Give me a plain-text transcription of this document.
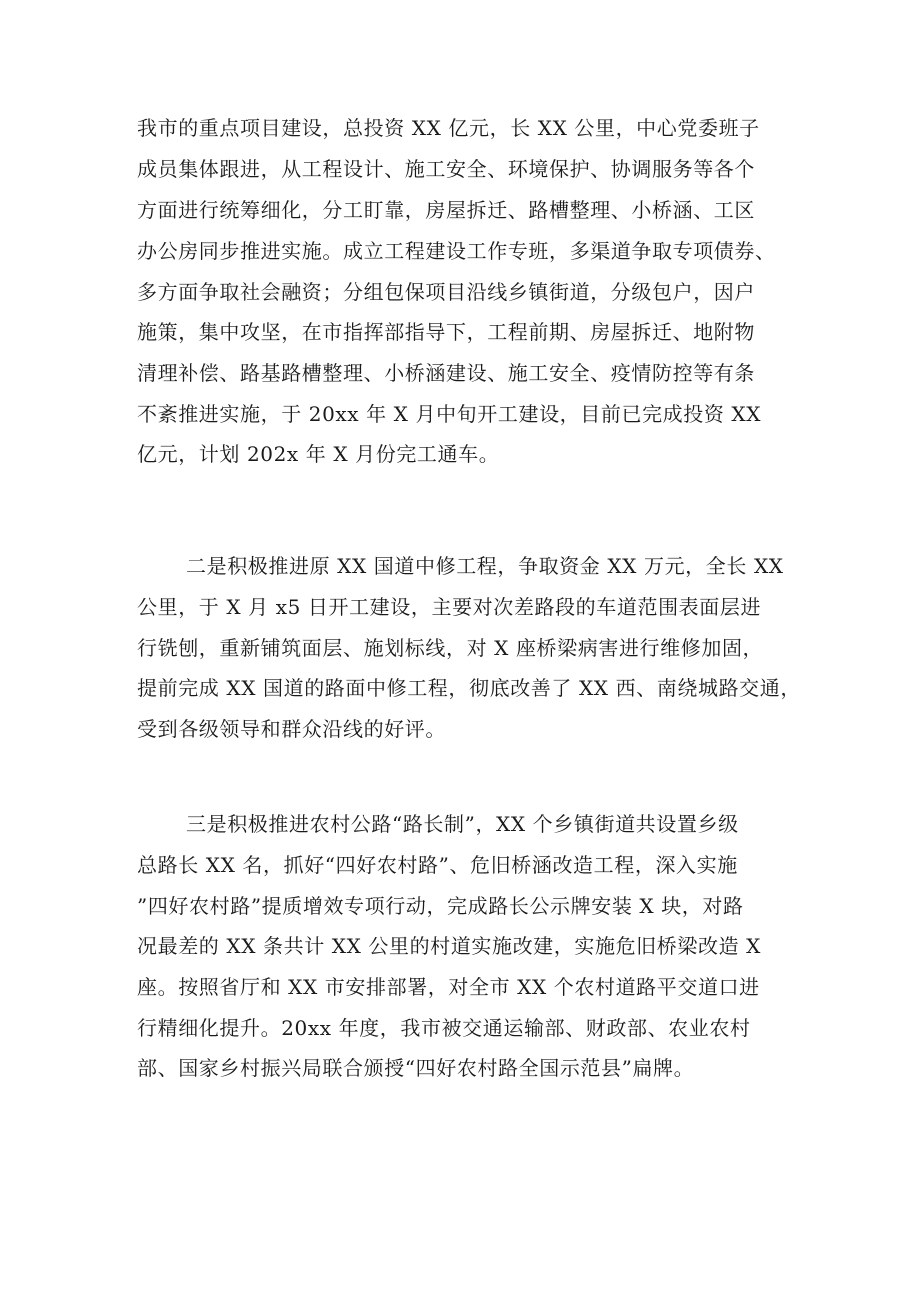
我市的重点项目建设，总投资 XX 亿元，长 XX 公里，中心党委班子
成员集体跟进，从工程设计、施工安全、环境保护、协调服务等各个
方面进行统筹细化，分工盯靠，房屋拆迁、路槽整理、小桥涵、工区
办公房同步推进实施。成立工程建设工作专班，多渠道争取专项债券、
多方面争取社会融资；分组包保项目沿线乡镇街道，分级包户，因户
施策，集中攻坚，在市指挥部指导下，工程前期、房屋拆迁、地附物
清理补偿、路基路槽整理、小桥涵建设、施工安全、疫情防控等有条
不紊推进实施，于 20xx 年 X 月中旬开工建设，目前已完成投资 XX
亿元，计划 202x 年 X 月份完工通车。
二是积极推进原 XX 国道中修工程，争取资金 XX 万元，全长 XX
公里，于 X 月 x5 日开工建设，主要对次差路段的车道范围表面层进
行铣刨，重新铺筑面层、施划标线，对 X 座桥梁病害进行维修加固，
提前完成 XX 国道的路面中修工程，彻底改善了 XX 西、南绕城路交通，
受到各级领导和群众沿线的好评。
三是积极推进农村公路“路长制”，XX 个乡镇街道共设置乡级
总路长 XX 名，抓好“四好农村路”、危旧桥涵改造工程，深入实施
”四好农村路”提质增效专项行动，完成路长公示牌安装 X 块，对路
况最差的 XX 条共计 XX 公里的村道实施改建，实施危旧桥梁改造 X
座。按照省厅和 XX 市安排部署，对全市 XX 个农村道路平交道口进
行精细化提升。20xx 年度，我市被交通运输部、财政部、农业农村
部、国家乡村振兴局联合颁授“四好农村路全国示范县”扁牌。
